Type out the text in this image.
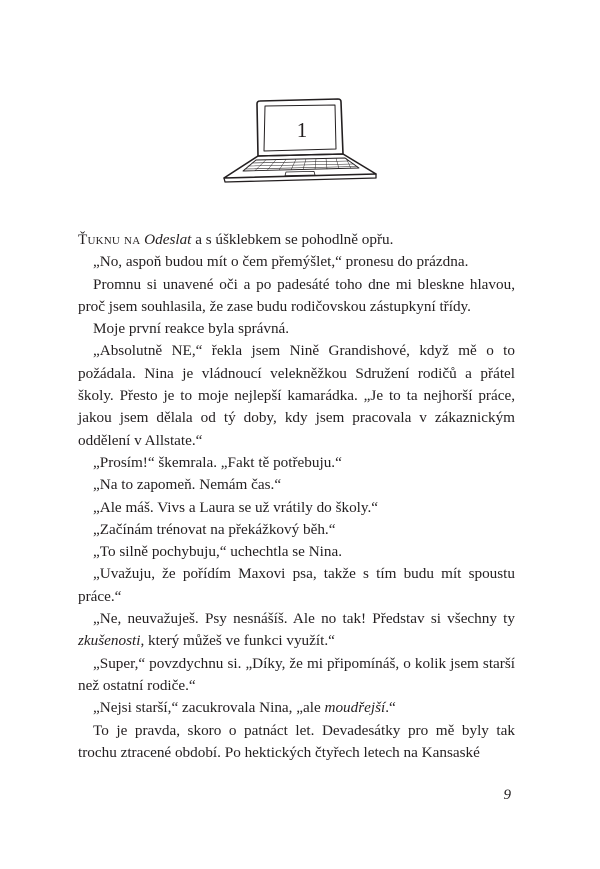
1

Ťuknu na Odeslat a s úšklebkem se pohodlně opřu.

„No, aspoň budou mít o čem přemýšlet,“ pronesu do prázdna.

Promnu si unavené oči a po padesáté toho dne mi bleskne hlavou, proč jsem souhlasila, že zase budu rodičovskou zástupkyní třídy.

Moje první reakce byla správná.

„Absolutně NE,“ řekla jsem Nině Grandishové, když mě o to požádala. Nina je vládnoucí velekněžkou Sdružení rodičů a přátel školy. Přesto je to moje nejlepší kamarádka. „Je to ta nejhorší práce, jakou jsem dělala od tý doby, kdy jsem pracovala v zákaznickým oddělení v Allstate.“

„Prosím!“ škemrala. „Fakt tě potřebuju.“

„Na to zapomeň. Nemám čas.“

„Ale máš. Vivs a Laura se už vrátily do školy.“

„Začínám trénovat na překážkový běh.“

„To silně pochybuju,“ uchechtla se Nina.

„Uvažuju, že pořídím Maxovi psa, takže s tím budu mít spoustu práce.“

„Ne, neuvažuješ. Psy nesnášíš. Ale no tak! Představ si všechny ty zkušenosti, který můžeš ve funkci využít.“

„Super,“ povzdychnu si. „Díky, že mi připomínáš, o kolik jsem starší než ostatní rodiče.“

„Nejsi starší,“ zacukrovala Nina, „ale moudřejší.“

To je pravda, skoro o patnáct let. Devadesátky pro mě byly tak trochu ztracené období. Po hektických čtyřech letech na Kansaské

9
